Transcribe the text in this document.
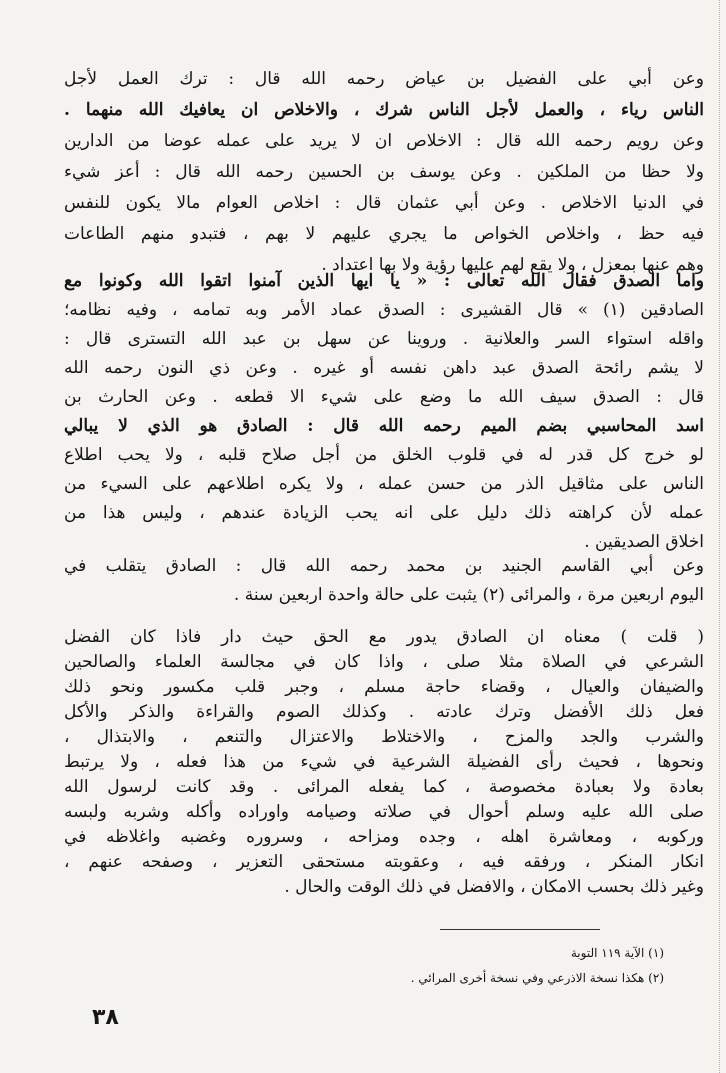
وعن أبي على الفضيل بن عياض رحمه الله قال : ترك العمل لأجل
الناس رياء ، والعمل لأجل الناس شرك ، والاخلاص ان يعافيك الله منهما .
وعن رويم رحمه الله قال : الاخلاص ان لا يريد على عمله عوضا من الدارين
ولا حظا من الملكين . وعن يوسف بن الحسين رحمه الله قال : أعز شيء
في الدنيا الاخلاص . وعن أبي عثمان قال : اخلاص العوام مالا يكون للنفس
فيه حظ ، واخلاص الخواص ما يجري عليهم لا بهم ، فتبدو منهم الطاعات
وهم عنها بمعزل ، ولا يقع لهم عليها رؤية ولا بها اعتداد .
واما الصدق فقال الله تعالى : « يا ايها الذين آمنوا اتقوا الله وكونوا مع
الصادقين (١) » قال القشيرى : الصدق عماد الأمر وبه تمامه ، وفيه نظامه؛
واقله استواء السر والعلانية . وروينا عن سهل بن عبد الله التسترى قال :
لا يشم رائحة الصدق عبد داهن نفسه أو غيره . وعن ذي النون رحمه الله
قال : الصدق سيف الله ما وضع على شيء الا قطعه . وعن الحارث بن
اسد المحاسبي بضم الميم رحمه الله قال : الصادق هو الذي لا يبالي
لو خرج كل قدر له في قلوب الخلق من أجل صلاح قلبه ، ولا يحب اطلاع
الناس على مثاقيل الذر من حسن عمله ، ولا يكره اطلاعهم على السيء من
عمله لأن كراهته ذلك دليل على انه يحب الزيادة عندهم ، وليس هذا من
اخلاق الصديقين .
وعن أبي القاسم الجنيد بن محمد رحمه الله قال : الصادق يتقلب في
اليوم اربعين مرة ، والمرائى (٢) يثبت على حالة واحدة اربعين سنة .
( قلت ) معناه ان الصادق يدور مع الحق حيث دار فاذا كان الفضل
الشرعي في الصلاة مثلا صلى ، واذا كان في مجالسة العلماء والصالحين
والضيفان والعيال ، وقضاء حاجة مسلم ، وجبر قلب مكسور ونحو ذلك
فعل ذلك الأفضل وترك عادته . وكذلك الصوم والقراءة والذكر والأكل
والشرب والجد والمزح ، والاختلاط والاعتزال والتنعم ، والابتذال ،
ونحوها ، فحيث رأى الفضيلة الشرعية في شيء من هذا فعله ، ولا يرتبط
بعادة ولا بعبادة مخصوصة ، كما يفعله المرائى . وقد كانت لرسول الله
صلى الله عليه وسلم أحوال في صلاته وصيامه واوراده وأكله وشربه ولبسه
وركوبه ، ومعاشرة اهله ، وجده ومزاحه ، وسروره وغضبه واغلاظه في
انكار المنكر ، ورفقه فيه ، وعقوبته مستحقى التعزير ، وصفحه عنهم ،
وغير ذلك بحسب الامكان ، والافضل في ذلك الوقت والحال .
(١) الآية ١١٩ التوبة
(٢) هكذا نسخة الاذرعي وفي نسخة أخرى المرائي .
٣٨
